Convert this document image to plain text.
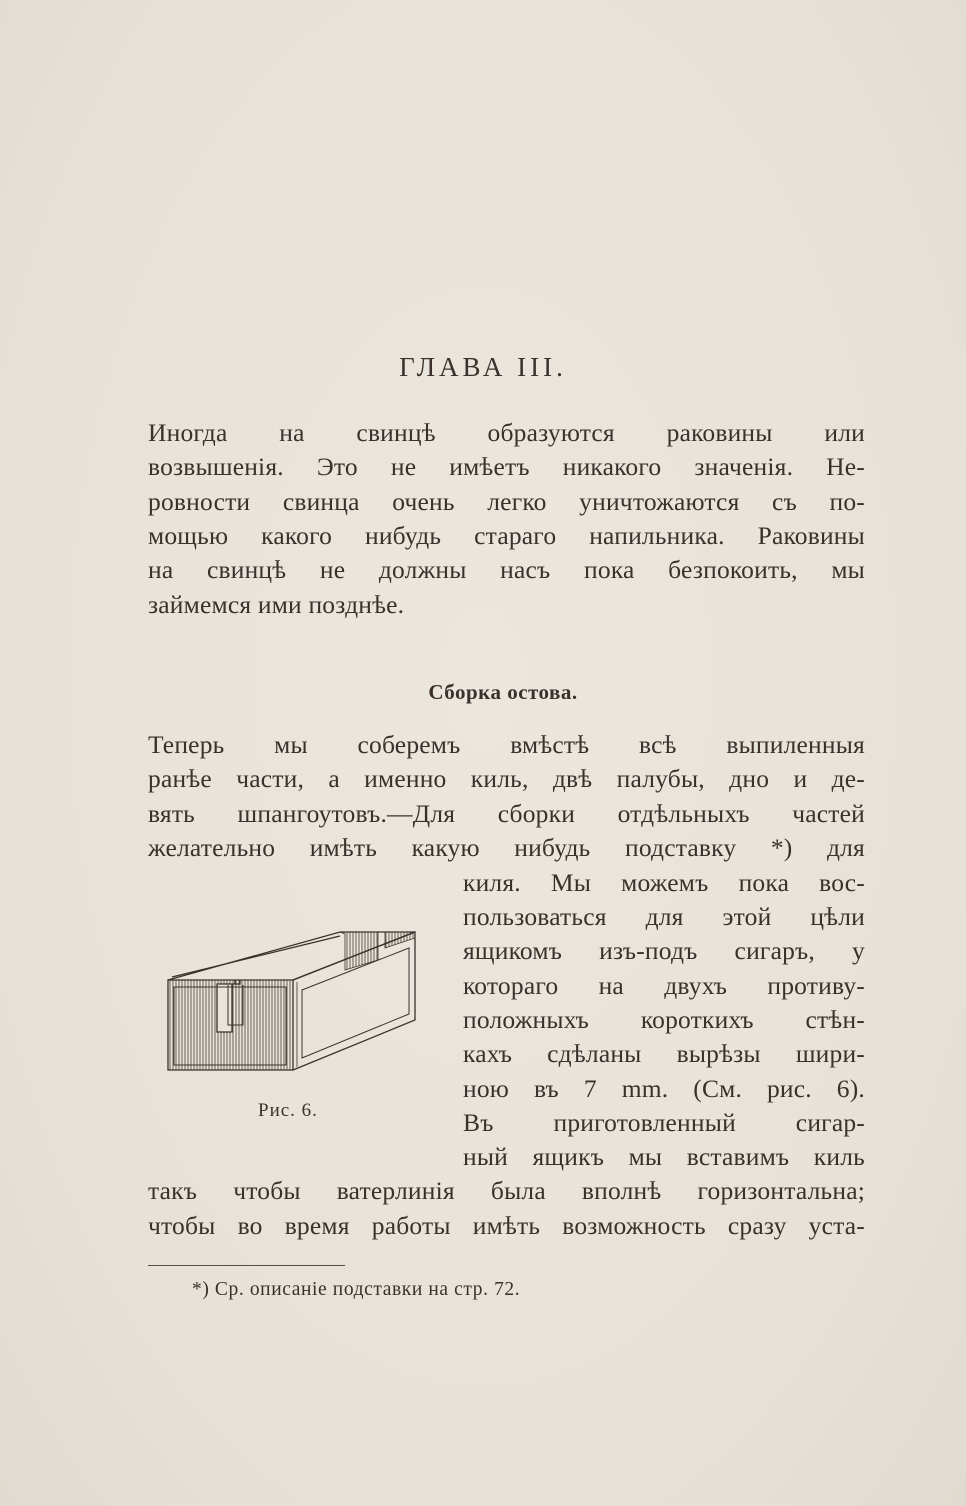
ГЛАВА III.
Иногда на свинцѣ образуются раковины или
возвышенія. Это не имѣетъ никакого значенія. Не-
ровности свинца очень легко уничтожаются съ по-
мощью какого нибудь стараго напильника. Раковины
на свинцѣ не должны насъ пока безпокоить, мы
займемся ими позднѣе.
Сборка остова.
Теперь мы соберемъ вмѣстѣ всѣ выпиленныя
ранѣе части, а именно киль, двѣ палубы, дно и де-
вять шпангоутовъ.—Для сборки отдѣльныхъ частей
желательно имѣть какую нибудь подставку *) для
киля. Мы можемъ пока вос-
пользоваться для этой цѣли
ящикомъ изъ-подъ сигаръ, у
котораго на двухъ противу-
положныхъ короткихъ стѣн-
кахъ сдѣланы вырѣзы шири-
ною въ 7 mm. (См. рис. 6).
Въ приготовленный сигар-
ный ящикъ мы вставимъ киль
такъ чтобы ватерлинія была вполнѣ горизонтальна;
чтобы во время работы имѣть возможность сразу уста-
Рис. 6.
*) Ср. описаніе подставки на стр. 72.
